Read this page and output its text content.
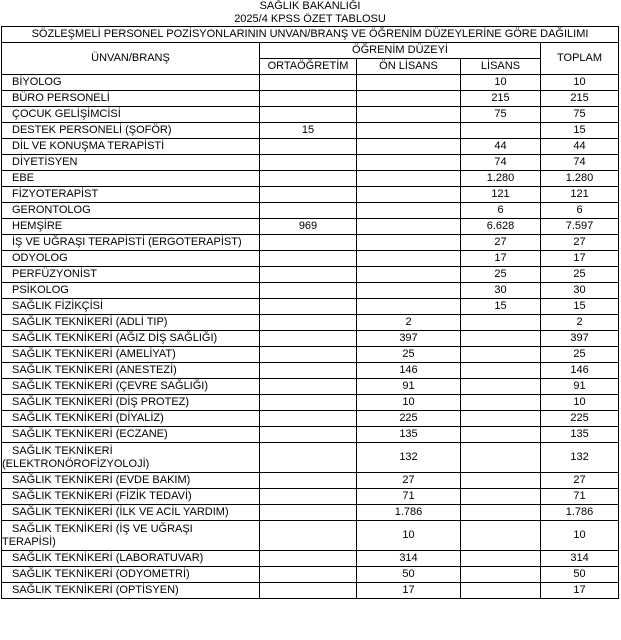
SAĞLIK BAKANLIĞI				
2025/4 KPSS ÖZET TABLOSU				
SÖZLEŞMELİ PERSONEL POZİSYONLARININ UNVAN/BRANŞ VE ÖĞRENİM DÜZEYLERİNE GÖRE DAĞILIMI				
ÜNVAN/BRANŞ	ÖĞRENİM DÜZEYİ			TOPLAM
	ORTAÖĞRETİM	ÖN LİSANS	LİSANS	
BİYOLOG			10	10
BÜRO PERSONELİ			215	215
ÇOCUK GELİŞİMCİSİ			75	75
DESTEK PERSONELİ (ŞOFÖR)	15			15
DİL VE KONUŞMA TERAPİSTİ			44	44
DİYETİSYEN			74	74
EBE			1.280	1.280
FİZYOTERAPİST			121	121
GERONTOLOG			6	6
HEMŞİRE	969		6.628	7.597
İŞ VE UĞRAŞI TERAPİSTİ (ERGOTERAPİST)			27	27
ODYOLOG			17	17
PERFÜZYONİST			25	25
PSİKOLOG			30	30
SAĞLIK FİZİKÇİSİ			15	15
SAĞLIK TEKNİKERİ (ADLİ TIP)		2		2
SAĞLIK TEKNİKERİ (AĞIZ DİŞ SAĞLIĞI)		397		397
SAĞLIK TEKNİKERİ (AMELİYAT)		25		25
SAĞLIK TEKNİKERİ (ANESTEZİ)		146		146
SAĞLIK TEKNİKERİ (ÇEVRE SAĞLIĞI)		91		91
SAĞLIK TEKNİKERİ (DİŞ PROTEZ)		10		10
SAĞLIK TEKNİKERİ (DİYALİZ)		225		225
SAĞLIK TEKNİKERİ (ECZANE)		135		135
SAĞLIK TEKNİKERİ
(ELEKTRONÖROFİZYOLOJİ)		132		132
SAĞLIK TEKNİKERİ (EVDE BAKIM)		27		27
SAĞLIK TEKNİKERİ (FİZİK TEDAVİ)		71		71
SAĞLIK TEKNİKERİ (İLK VE ACİL YARDIM)		1.786		1.786
SAĞLIK TEKNİKERİ (İŞ VE UĞRAŞI
TERAPİSİ)		10		10
SAĞLIK TEKNİKERİ (LABORATUVAR)		314		314
SAĞLIK TEKNİKERİ (ODYOMETRİ)		50		50
SAĞLIK TEKNİKERİ (OPTİSYEN)		17		17
